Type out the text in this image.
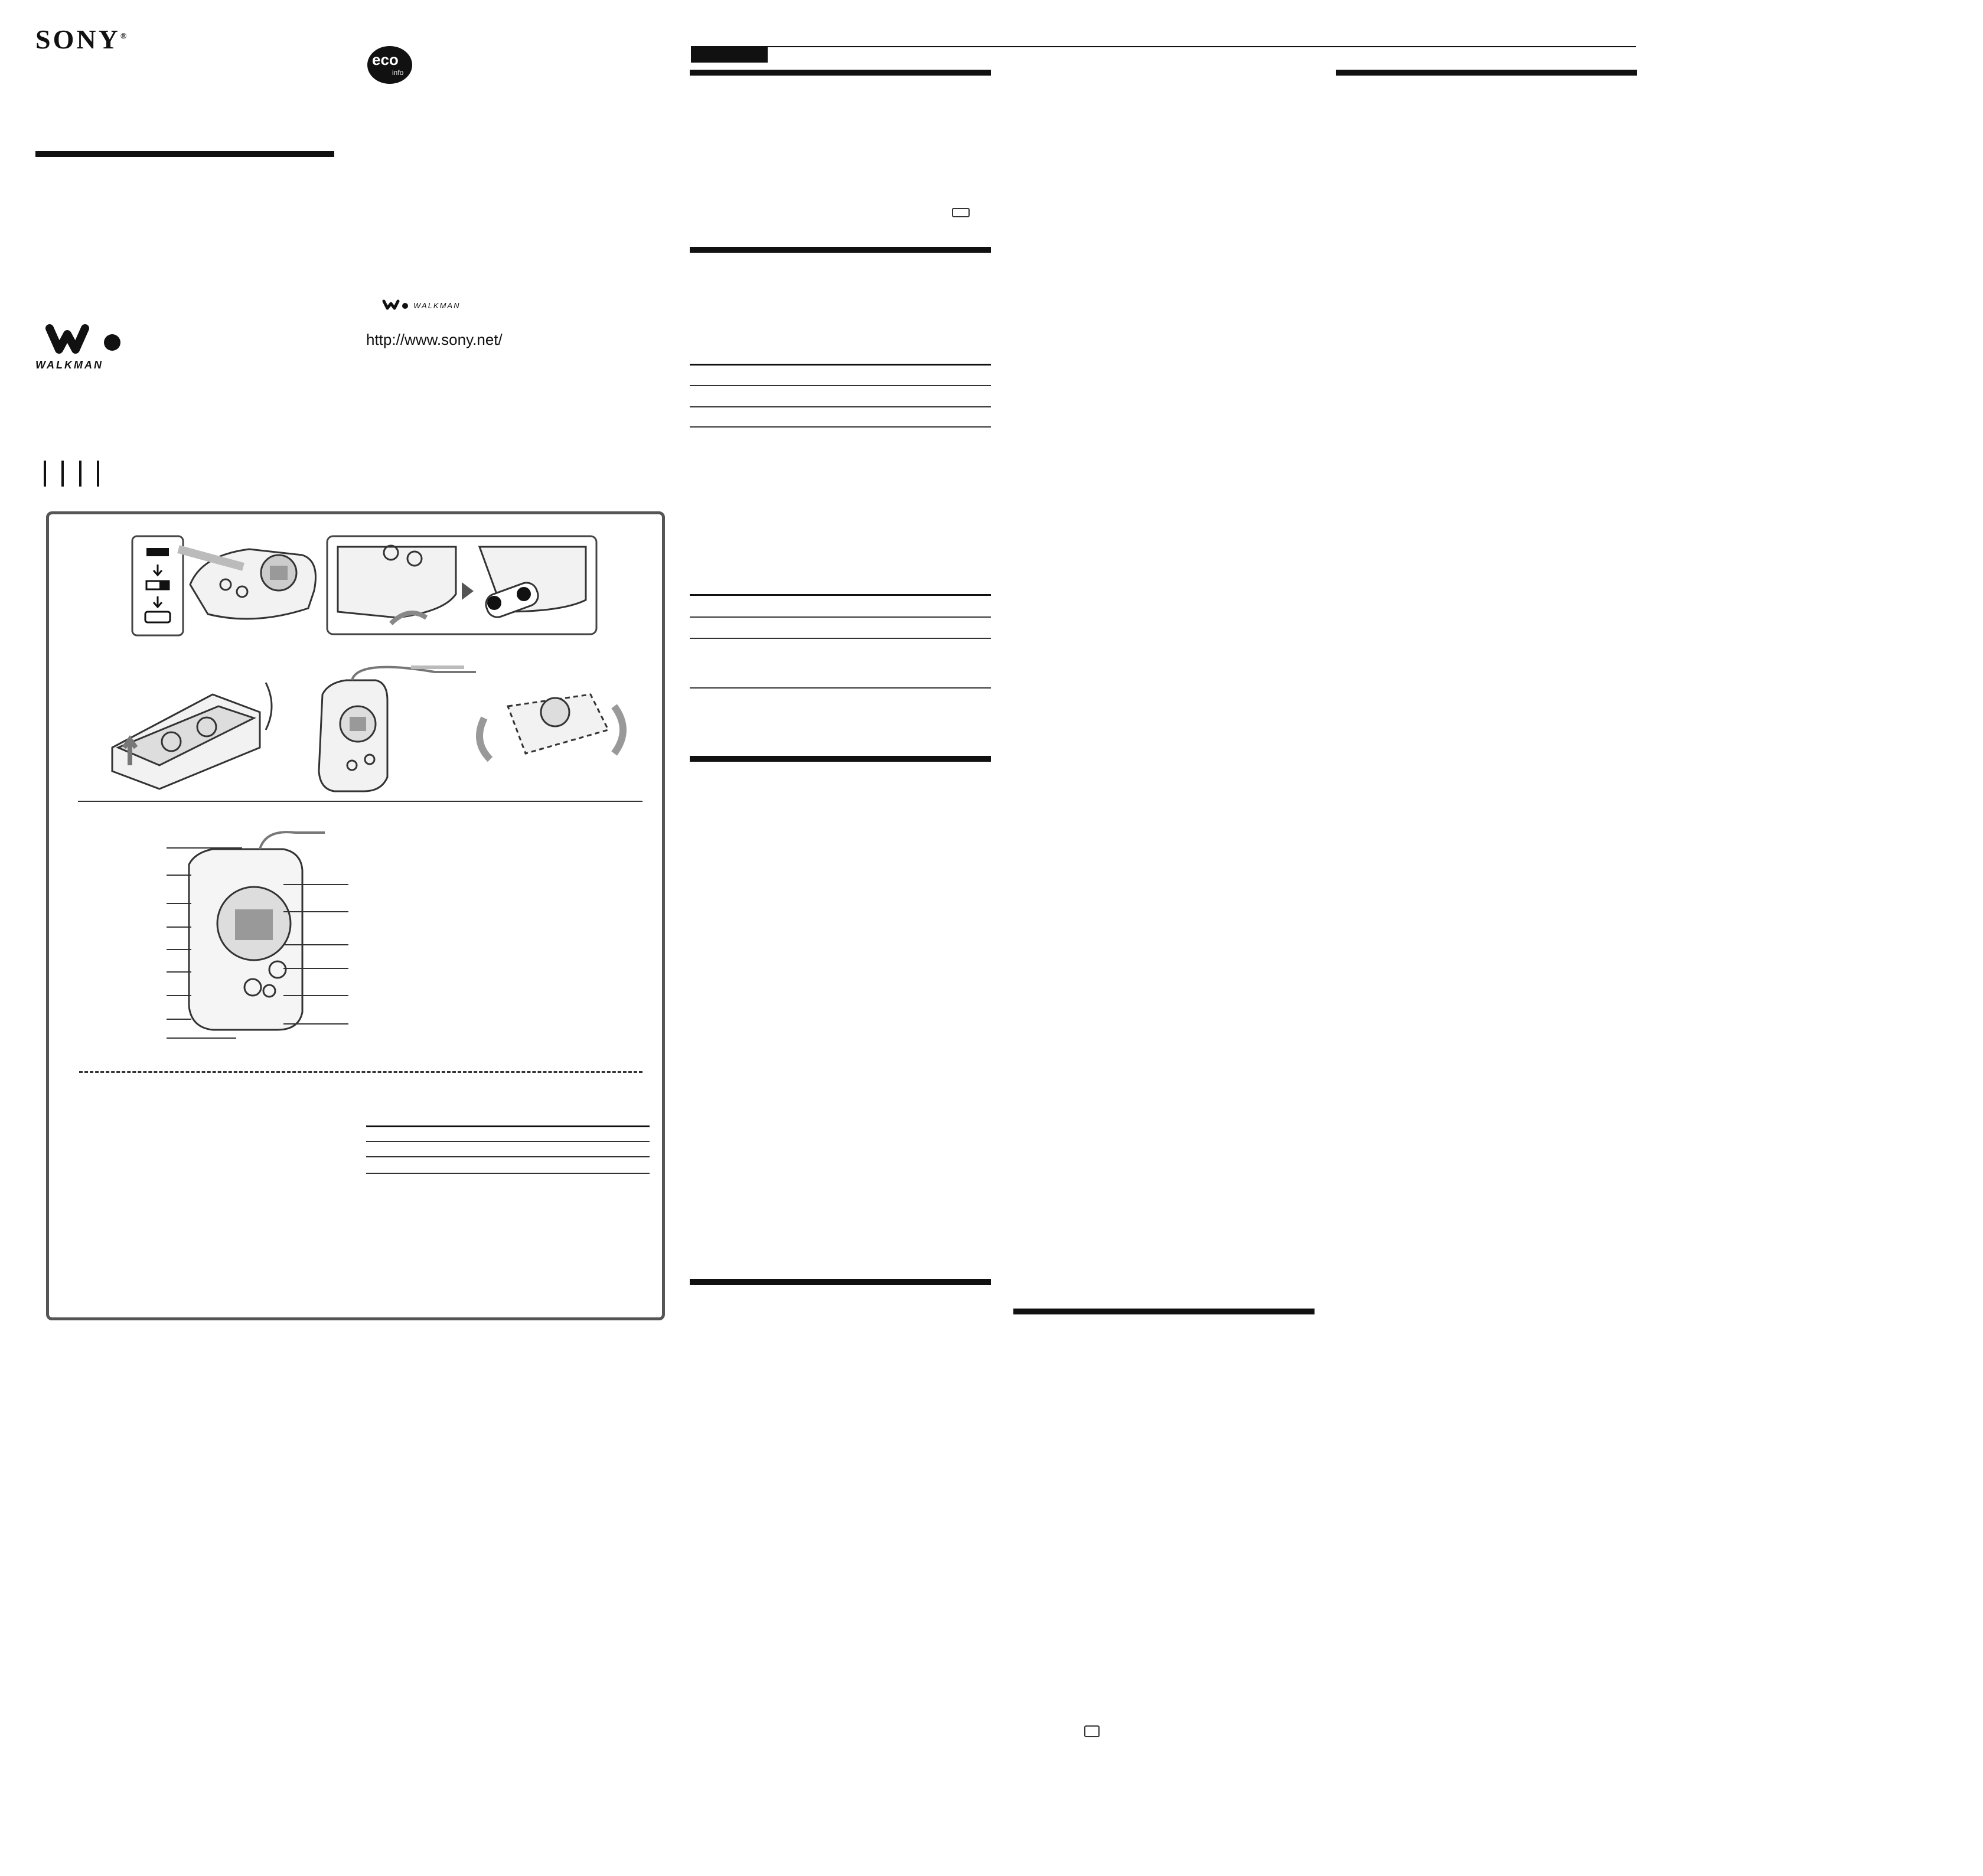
SONY®
eco
info
WALKMAN
WALKMAN
http://www.sony.net/
